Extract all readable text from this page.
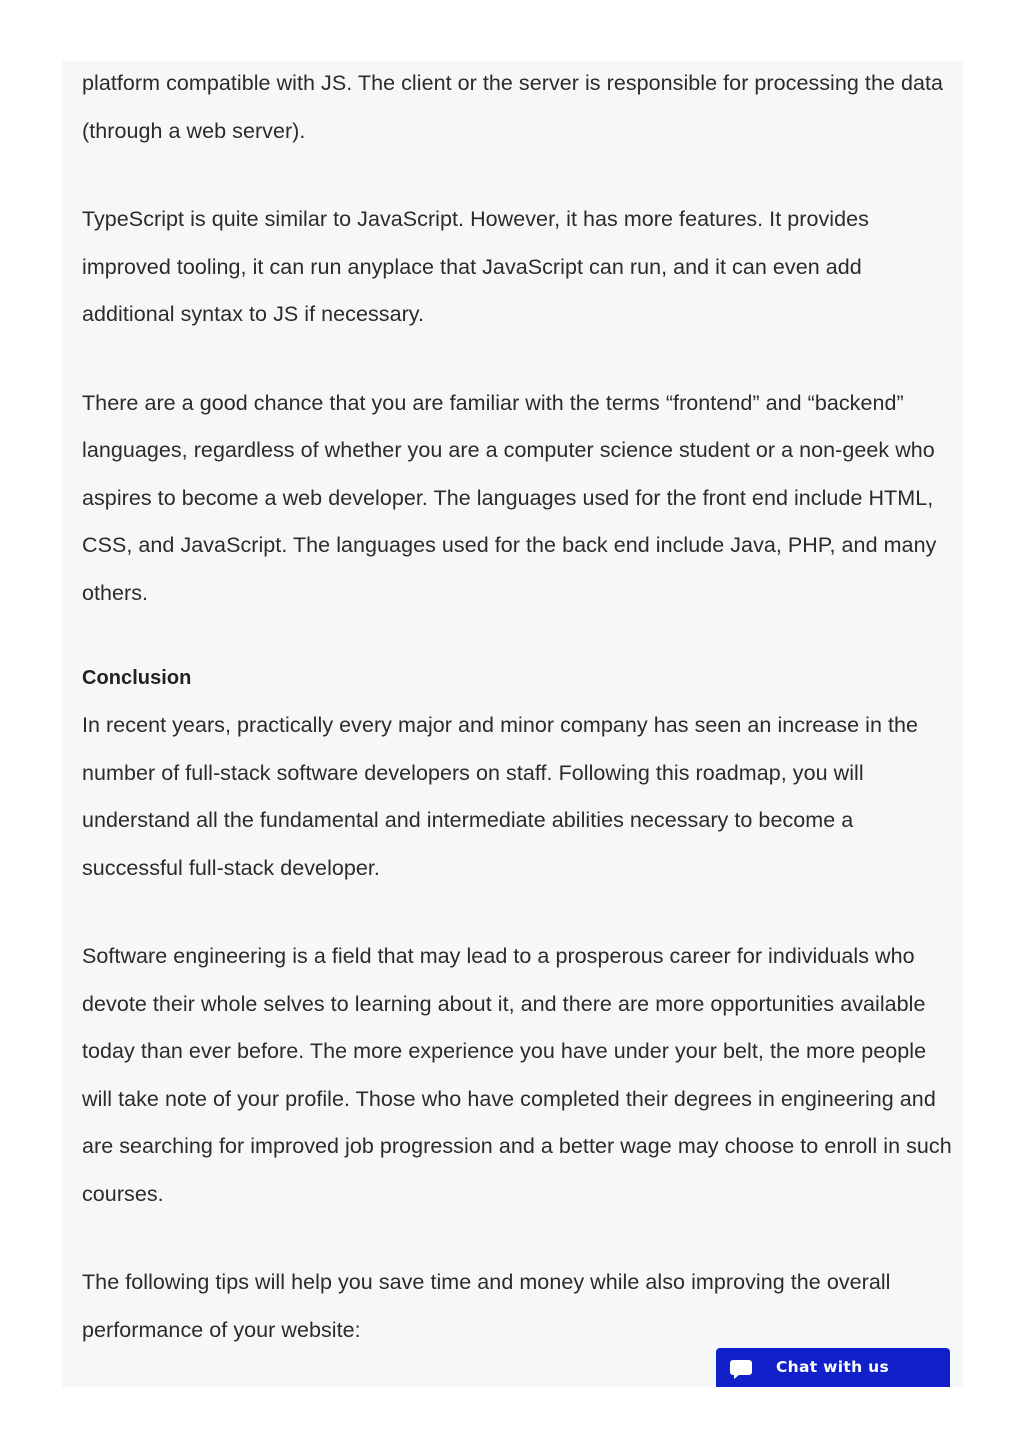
platform compatible with JS. The client or the server is responsible for processing the data (through a web server).

TypeScript is quite similar to JavaScript. However, it has more features. It provides improved tooling, it can run anyplace that JavaScript can run, and it can even add additional syntax to JS if necessary.

There are a good chance that you are familiar with the terms “frontend” and “backend” languages, regardless of whether you are a computer science student or a non-geek who aspires to become a web developer. The languages used for the front end include HTML, CSS, and JavaScript. The languages used for the back end include Java, PHP, and many others.

Conclusion

In recent years, practically every major and minor company has seen an increase in the number of full-stack software developers on staff. Following this roadmap, you will understand all the fundamental and intermediate abilities necessary to become a successful full-stack developer.

Software engineering is a field that may lead to a prosperous career for individuals who devote their whole selves to learning about it, and there are more opportunities available today than ever before. The more experience you have under your belt, the more people will take note of your profile. Those who have completed their degrees in engineering and are searching for improved job progression and a better wage may choose to enroll in such courses.

The following tips will help you save time and money while also improving the overall performance of your website:

Chat with us
